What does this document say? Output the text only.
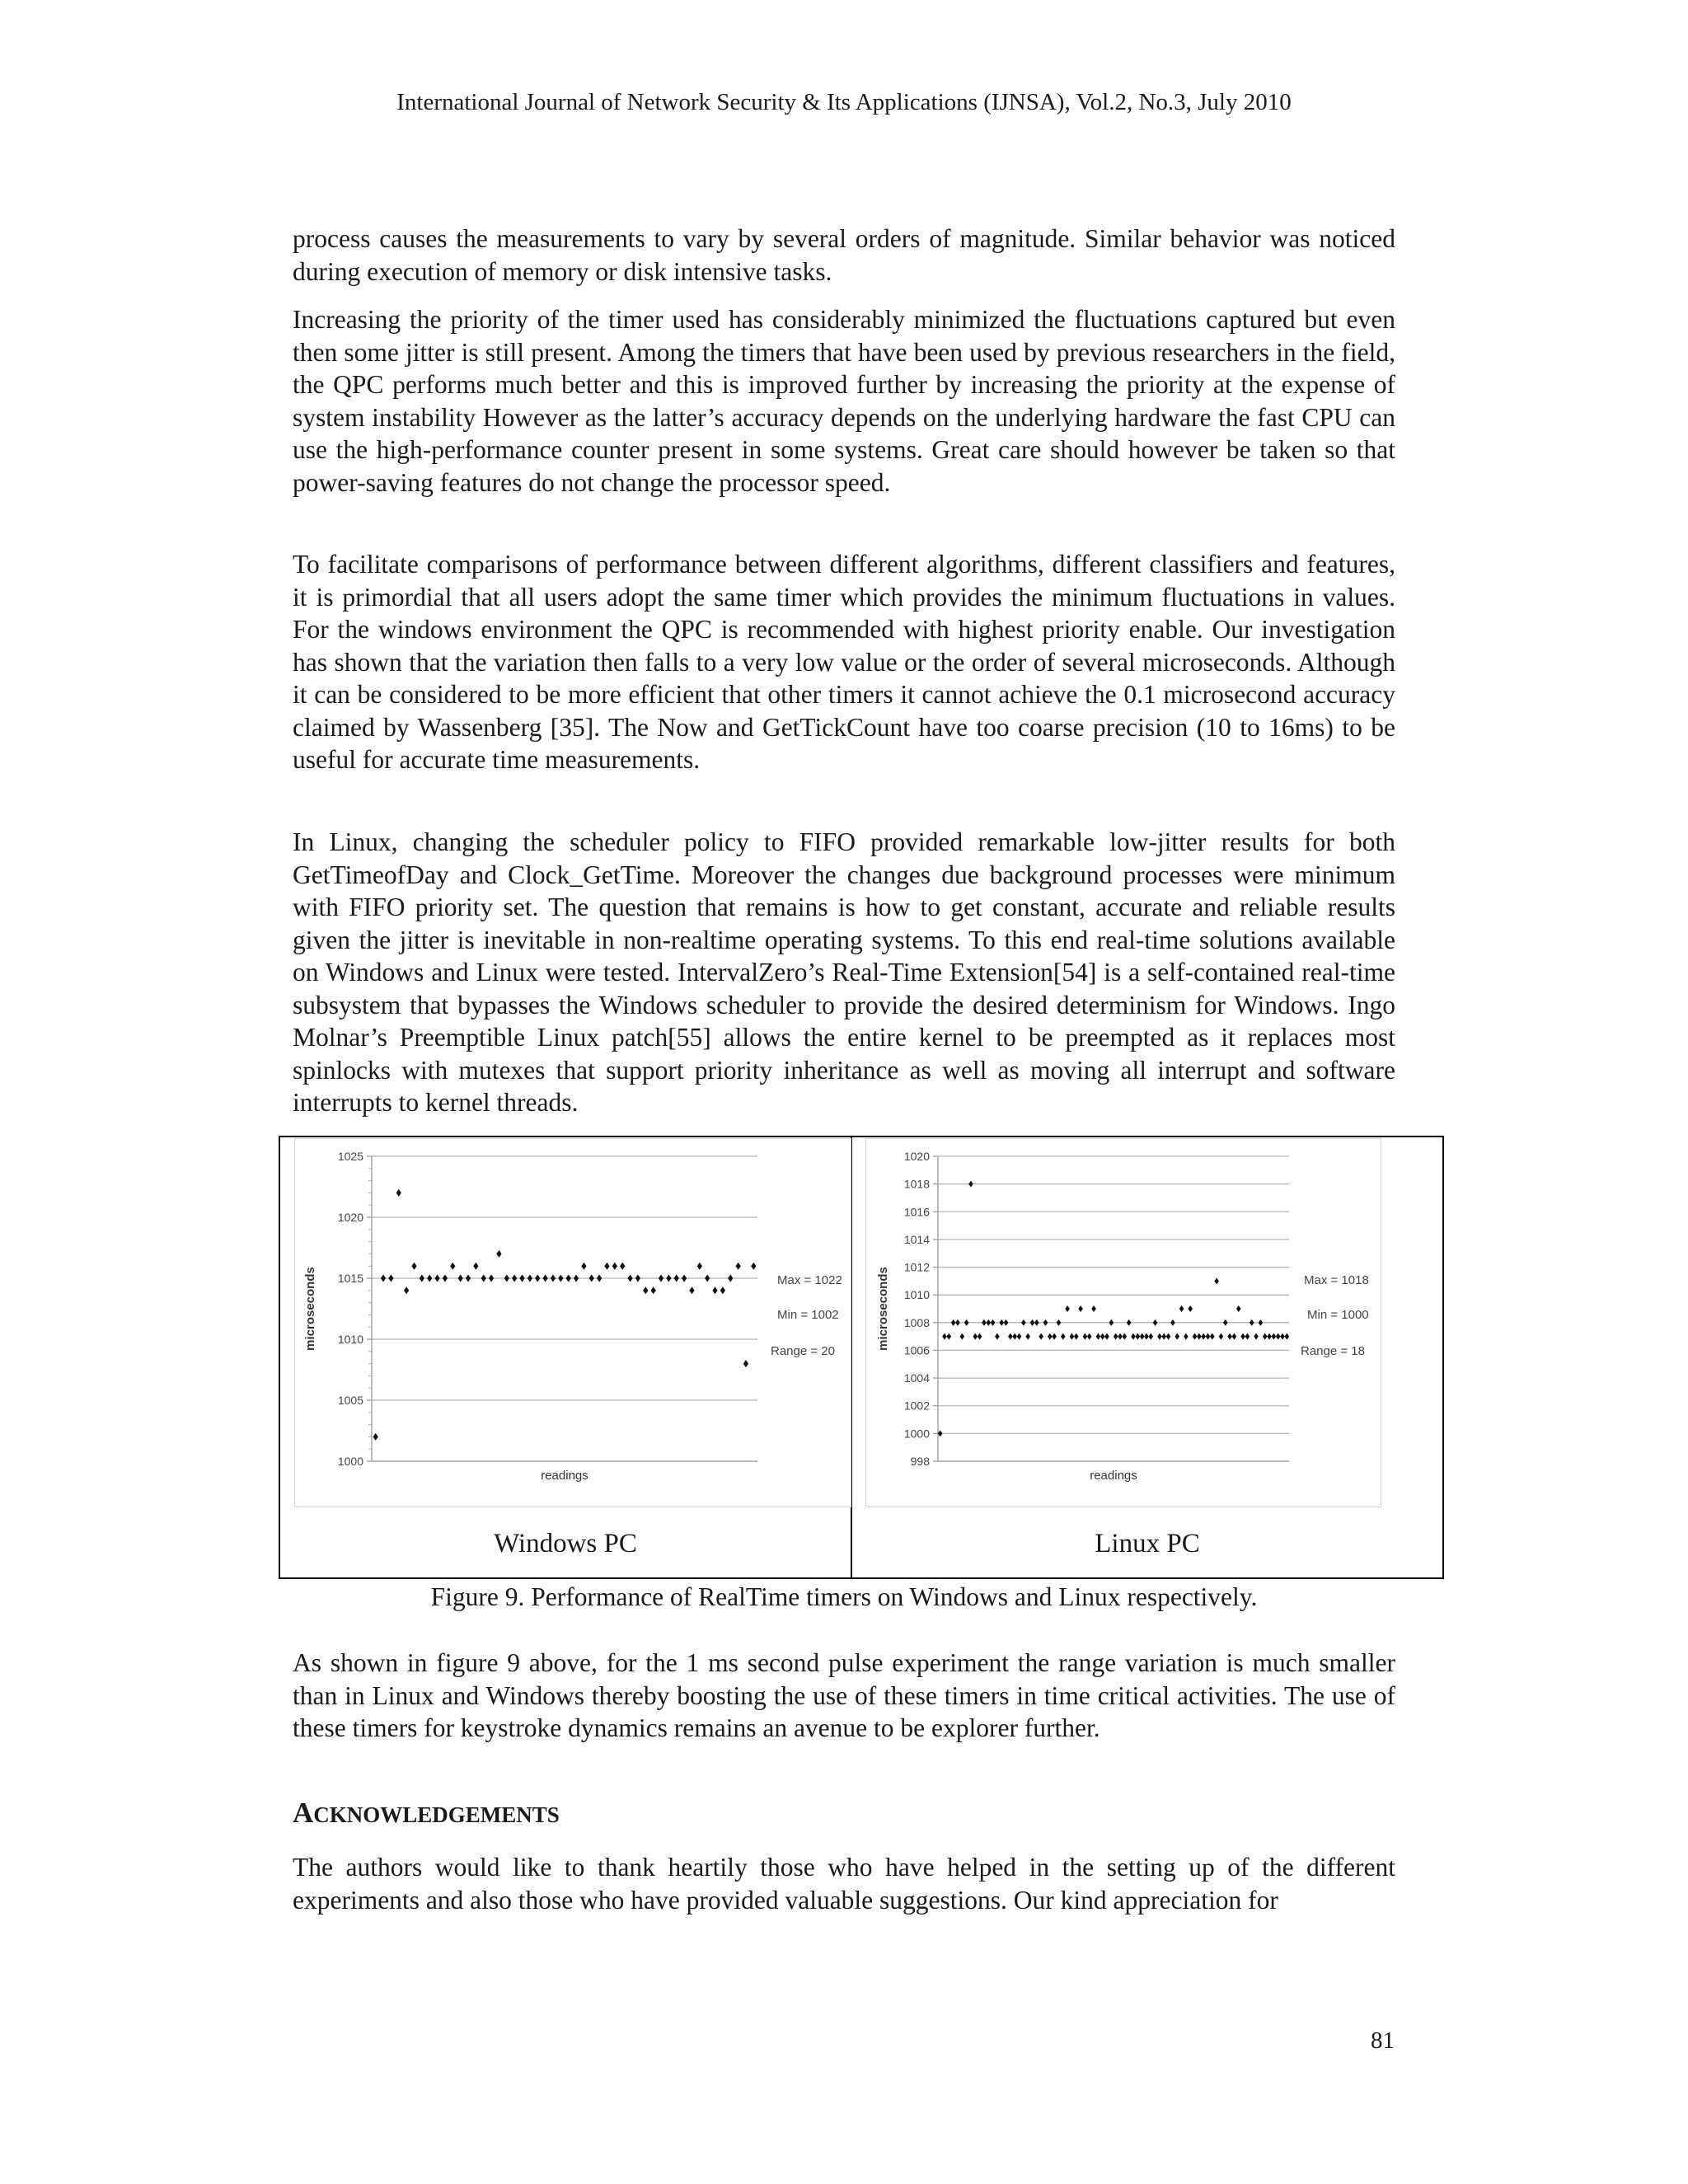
International Journal of Network Security & Its Applications (IJNSA), Vol.2, No.3, July 2010
process causes the measurements to vary by several orders of magnitude. Similar behavior was noticed during execution of memory or disk intensive tasks.
Increasing the priority of the timer used has considerably minimized the fluctuations captured but even then some jitter is still present. Among the timers that have been used by previous researchers in the field, the QPC performs much better and this is improved further by increasing the priority at the expense of system instability However as the latter’s accuracy depends on the underlying hardware the fast CPU can use the high-performance counter present in some systems. Great care should however be taken so that power-saving features do not change the processor speed.
To facilitate comparisons of performance between different algorithms, different classifiers and features, it is primordial that all users adopt the same timer which provides the minimum fluctuations in values. For the windows environment the QPC is recommended with highest priority enable. Our investigation has shown that the variation then falls to a very low value or the order of several microseconds. Although it can be considered to be more efficient that other timers it cannot achieve the 0.1 microsecond accuracy claimed by Wassenberg [35]. The Now and GetTickCount have too coarse precision (10 to 16ms) to be useful for accurate time measurements.
In Linux, changing the scheduler policy to FIFO provided remarkable low-jitter results for both GetTimeofDay and Clock_GetTime. Moreover the changes due background processes were minimum with FIFO priority set. The question that remains is how to get constant, accurate and reliable results given the jitter is inevitable in non-realtime operating systems. To this end real-time solutions available on Windows and Linux were tested. IntervalZero’s Real-Time Extension[54] is a self-contained real-time subsystem that bypasses the Windows scheduler to provide the desired determinism for Windows. Ingo Molnar’s Preemptible Linux patch[55] allows the entire kernel to be preempted as it replaces most spinlocks with mutexes that support priority inheritance as well as moving all interrupt and software interrupts to kernel threads.
1000
1005
1010
1015
1020
1025
microseconds
readings
Max = 1022
Min = 1002
Range = 20
998
1000
1002
1004
1006
1008
1010
1012
1014
1016
1018
1020
microseconds
readings
Max = 1018
Min = 1000
Range = 18
Windows PC	Linux PC
Figure 9. Performance of RealTime timers on Windows and Linux respectively.
As shown in figure 9 above, for the 1 ms second pulse experiment the range variation is much smaller than in Linux and Windows thereby boosting the use of these timers in time critical activities. The use of these timers for keystroke dynamics remains an avenue to be explorer further.
ACKNOWLEDGEMENTS
The authors would like to thank heartily those who have helped in the setting up of the different experiments and also those who have provided valuable suggestions. Our kind appreciation for
81
